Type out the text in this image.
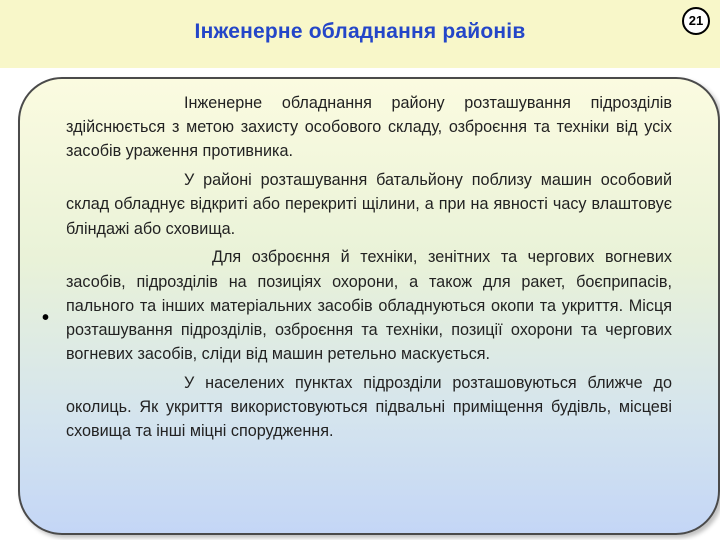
Інженерне обладнання районів	21
•

Інженерне обладнання району розташування підрозділів здійснюється з метою захисту особового складу, озброєння та техніки від усіх засобів ураження противника.

У районі розташування батальйону поблизу машин особовий склад обладнує відкриті або перекриті щілини, а при на явності часу влаштовує бліндажі або сховища.

Для озброєння й техніки, зенітних та чергових вогневих засобів, підрозділів на позиціях охорони, а також для ракет, боєприпасів, пального та інших матеріальних засобів обладнуються окопи та укриття. Місця розташування підрозділів, озброєння та техніки, позиції охорони та чергових вогневих засобів, сліди від машин ретельно маскується.

У населених пунктах підрозділи розташовуються ближче до околиць. Як укриття використовуються підвальні приміщення будівль, місцеві сховища та інші міцні спорудження.
